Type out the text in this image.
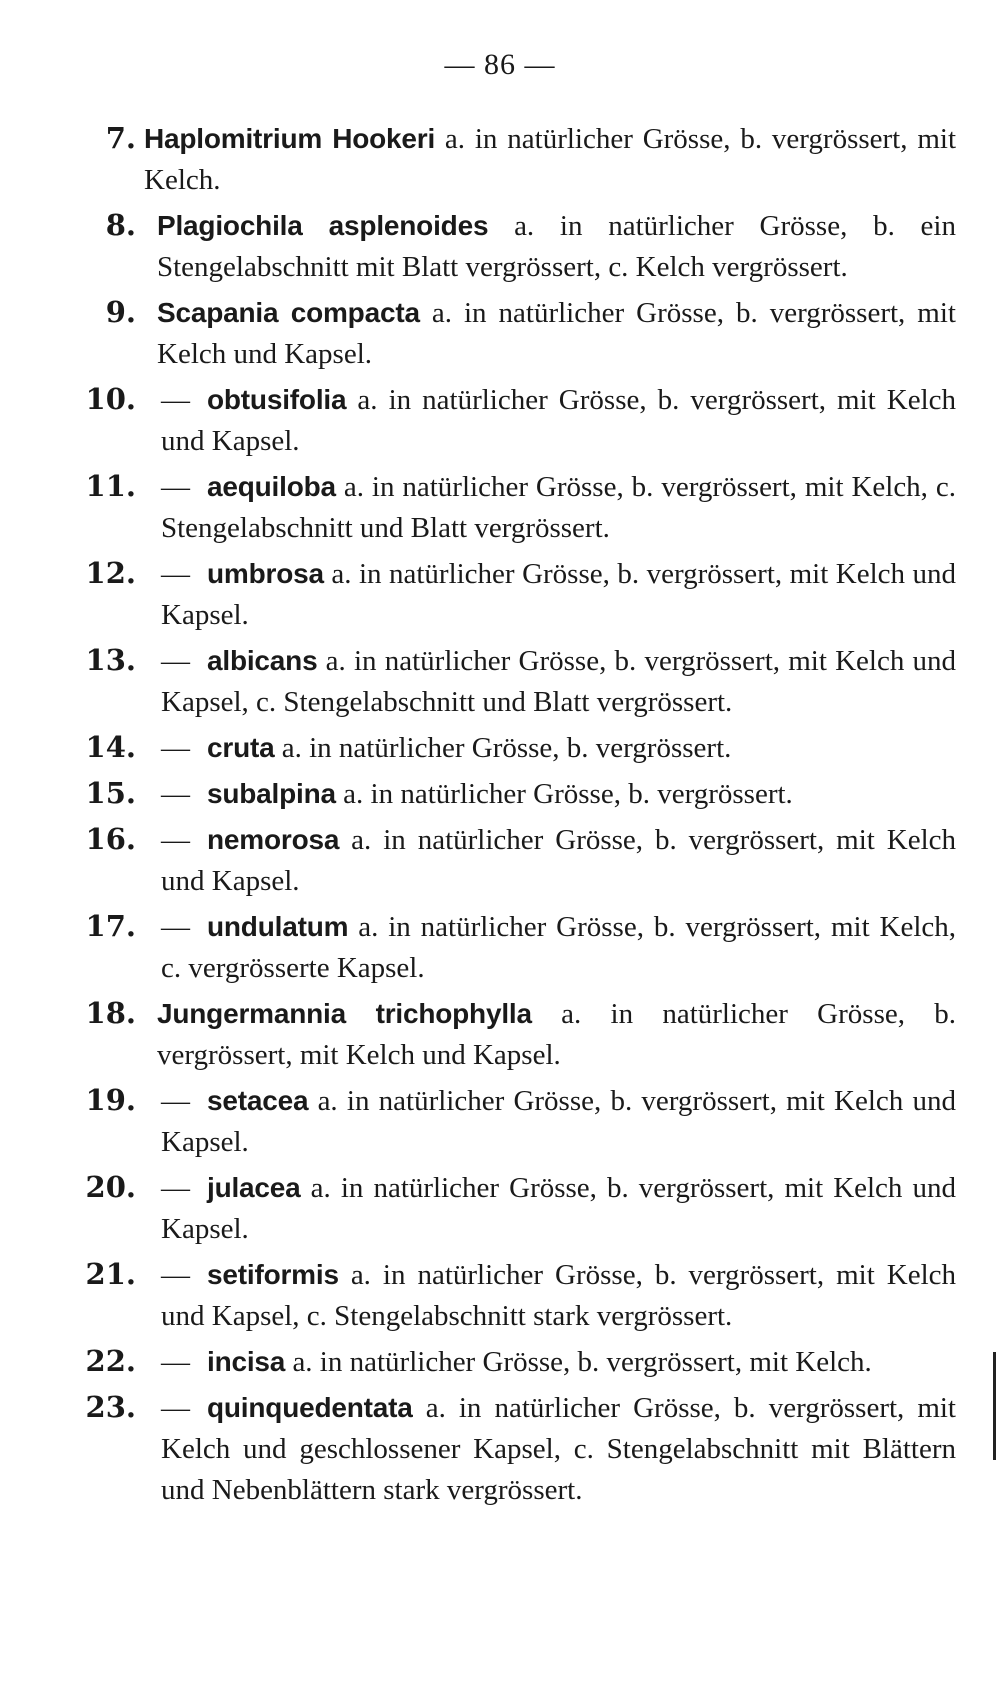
— 86 —
7. Haplomitrium Hookeri a. in natürlicher Grösse, b. vergrössert, mit Kelch.
8. Plagiochila asplenoides a. in natürlicher Grösse, b. ein Stengelabschnitt mit Blatt vergrössert, c. Kelch vergrössert.
9. Scapania compacta a. in natürlicher Grösse, b. vergrössert, mit Kelch und Kapsel.
10. — obtusifolia a. in natürlicher Grösse, b. vergrössert, mit Kelch und Kapsel.
11. — aequiloba a. in natürlicher Grösse, b. vergrössert, mit Kelch, c. Stengelabschnitt und Blatt vergrössert.
12. — umbrosa a. in natürlicher Grösse, b. vergrössert, mit Kelch und Kapsel.
13. — albicans a. in natürlicher Grösse, b. vergrössert, mit Kelch und Kapsel, c. Stengelabschnitt und Blatt vergrössert.
14. — cruta a. in natürlicher Grösse, b. vergrössert.
15. — subalpina a. in natürlicher Grösse, b. vergrössert.
16. — nemorosa a. in natürlicher Grösse, b. vergrössert, mit Kelch und Kapsel.
17. — undulatum a. in natürlicher Grösse, b. vergrössert, mit Kelch, c. vergrösserte Kapsel.
18. Jungermannia trichophylla a. in natürlicher Grösse, b. vergrössert, mit Kelch und Kapsel.
19. — setacea a. in natürlicher Grösse, b. vergrössert, mit Kelch und Kapsel.
20. — julacea a. in natürlicher Grösse, b. vergrössert, mit Kelch und Kapsel.
21. — setiformis a. in natürlicher Grösse, b. vergrössert, mit Kelch und Kapsel, c. Stengelabschnitt stark vergrössert.
22. — incisa a. in natürlicher Grösse, b. vergrössert, mit Kelch.
23. — quinquedentata a. in natürlicher Grösse, b. vergrössert, mit Kelch und geschlossener Kapsel, c. Stengelabschnitt mit Blättern und Nebenblättern stark vergrössert.
